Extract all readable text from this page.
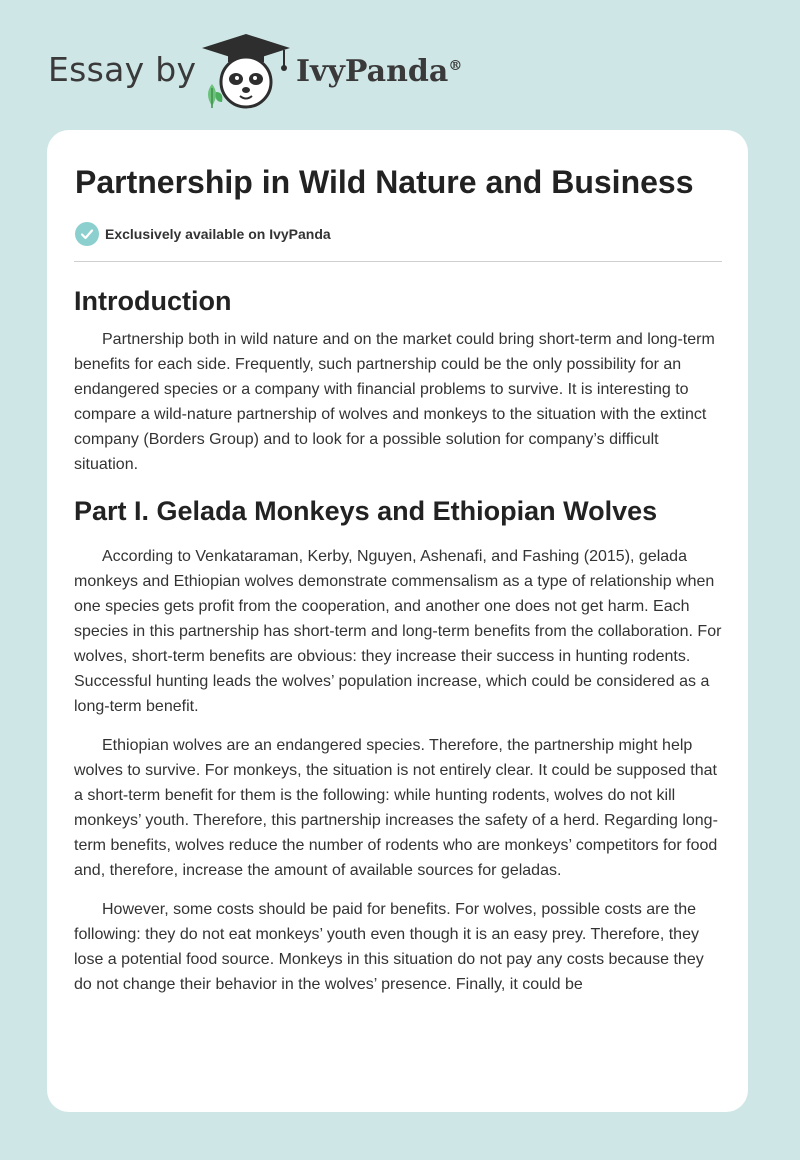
Essay by	IvyPanda®
Partnership in Wild Nature and Business
Exclusively available on IvyPanda
Introduction

Partnership both in wild nature and on the market could bring short-term and long-term benefits for each side. Frequently, such partnership could be the only possibility for an endangered species or a company with financial problems to survive. It is interesting to compare a wild-nature partnership of wolves and monkeys to the situation with the extinct company (Borders Group) and to look for a possible solution for company’s difficult situation.

Part I. Gelada Monkeys and Ethiopian Wolves

According to Venkataraman, Kerby, Nguyen, Ashenafi, and Fashing (2015), gelada monkeys and Ethiopian wolves demonstrate commensalism as a type of relationship when one species gets profit from the cooperation, and another one does not get harm. Each species in this partnership has short-term and long-term benefits from the collaboration. For wolves, short-term benefits are obvious: they increase their success in hunting rodents. Successful hunting leads the wolves’ population increase, which could be considered as a long-term benefit.

Ethiopian wolves are an endangered species. Therefore, the partnership might help wolves to survive. For monkeys, the situation is not entirely clear. It could be supposed that a short-term benefit for them is the following: while hunting rodents, wolves do not kill monkeys’ youth. Therefore, this partnership increases the safety of a herd. Regarding long-term benefits, wolves reduce the number of rodents who are monkeys’ competitors for food and, therefore, increase the amount of available sources for geladas.

However, some costs should be paid for benefits. For wolves, possible costs are the following: they do not eat monkeys’ youth even though it is an easy prey. Therefore, they lose a potential food source. Monkeys in this situation do not pay any costs because they do not change their behavior in the wolves’ presence. Finally, it could be
